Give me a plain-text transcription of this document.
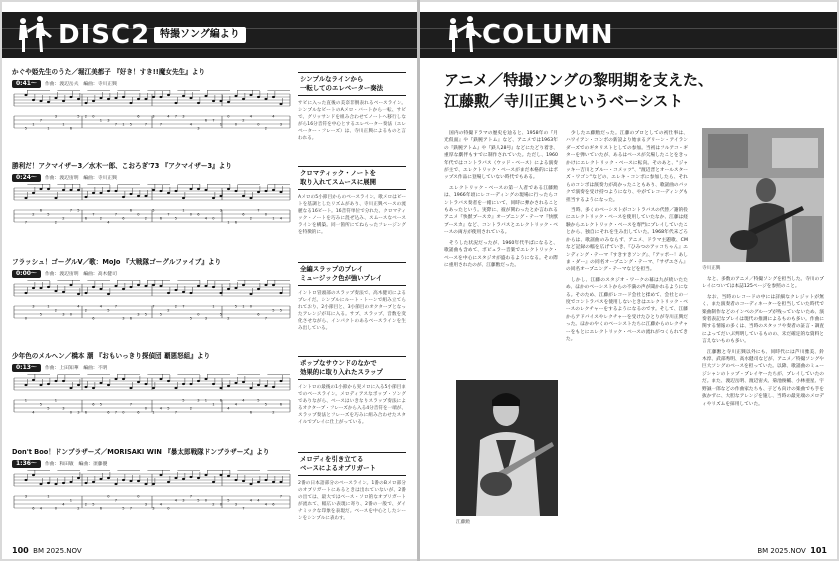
DISC2 特撮ソング編より
かぐや姫先生のうた／堀江美都子 『好き！すき!!魔女先生』より
0:41〜	作曲：渡辺岳夫　編曲：寺川正興
5
1
7
1
3
1
6
5 2 0
1 3
7 1 5
6
7
3
7
4 7 3
4
3
6 7
1
0
0
2
4
0
2
4
3
シンプルなラインから
一転してのエレベーター奏法
サビに入った直後の美奈非倒表れるベースライン。シンプルなビートのAメロ・バートから一転、サビで、グリッサンドを組み合わせてノートへ移行しながら16分音符を中心とするエレベーター奏法（エレベーター・フレーズ）は、寺川正興によるものと言われる。
勝利だ！アクマイザー3／水木一郎、こおろぎ'73 『アクマイザー3』より
0:24〜	作曲：渡辺宙明　編曲：寺川正興
7
2
6
5
2
2
7 5
6
7
2
4
7
6
6
0
2
5
6
7
5
1
0 6
4 0
3
1 6
6
2
7
0
1 4
クロマティック・ノートを
取り入れてスムースに展開
Aメロの5小節目からのベースライン。歌メロはビートを基調としたリズムがあり、寺川正興ペースの流麗なる16ビート。16音符単位で分れた、クロマティック・ノートを巧みに混ぜ込み、スムースなベースラインを構築。同一箇所にてねらったフレージングを特徴的に。
フラッシュ！ゴーグルV／歌：MoJo 『大戦隊ゴーグルファイブ』より
0:00〜	作曲：渡辺宙明　編曲：高木健司
0
3
5
1
2
3 0
4
2
6
4
5
7
3 6
3 5
7
5
2
2 7
5
0
3
1
5
2
5 1 0
6
7
5 5
全編スラップのプレイ
ミュージック色が強いプレイ
イントロ冒頭部のスラップ奏法で、高木健司によるプレイだ。シンプルにルート・トーンで組み立てられており、2小節目と、3小節目のオクターブとなったアレンジが耳に入る。サブ、スラップ、音数を変化させながら、インパクトのあるベースラインを生み出している。
少年色のメルヘン／橋本 潮 『おもいっきり探偵団 覇悪怒組』より
0:13〜	作曲：上田知華　編曲：不明
1
4
5
5
1
3
0 3 6
6 5
6 7 0
7
6
0
1
4 5
7
5
2
3 1
1
6
4
4
4
6
5
5
2
6
ポップなサウンドのなかで
効果的に取り入れたスラップ
イントロの最後の1小節から実メロに入る5小節目までのベースライン。メロディアスなポップ・ソングでありながら、ベースはいきなりスラップ奏法によるオクターブ・フレーズから入る4分音符を一端が、スラップ奏法とフレーズを巧みに組み合わせたスタイルでプレイに仕上がっている。
Don't Boo！ドンプラザーズ／MORISAKI WIN 『暴太郎戦隊ドンブラザーズ』より
1:36〜	作曲：和田敏　編曲：須藤優
3
6 4
1
0
4
1
2
2 5
6
0
7
5 7
0
3
3
4
0
4 3
7
5 0
2 0
5
3
7
4 4
4 6
7
メロディを引き立てる
ベースによるオブリガート
2番の日本語部分のベースライン。1番のBメロ部分のオブリガートにあるときは出れていないが、2番の出ては、最大ではベース・ソロ的なオブリガートが流れて、幅広い表現に寄り、2番の一般で、ダイナミックな印象を表現だ。ベースを中心としたシーンをシンプルに表わす。
100 BM 2025.NOV
COLUMN
アニメ／特撮ソングの黎明期を支えた、
江藤勲／寺川正興というベーシスト

国内の特撮ドラマの歴史を辿ると、1958年の『月光仮面』や『鉄腕アトム』など、アニメでは1963年の『鉄腕アトム』や『鉄人28号』などにたどり着き、重厚な劇伴もすでに制作されていた。ただし、1960年代ではコントラバス（ウッド・ベース）による演奏が主で、エレクトリック・ベースがまだ本格的にはポップス作品に登場していない時代でもある。

エレクトリック・ベースの第一人者である江藤勲は、1966年頃にレコーディングの現場に行ったらコントラバス奏者を一緒にいて、同時に弾かされることもあったという。実際に、彼が関わったとか言われるアニメ『快獣ブースカ』オープニング・テーマ『快獣ブースカ』など、コントラバスとエレクトリック・ベースの両方が使用されている。

そうした状況だったが、1960年代半ばになると、歌謡曲も含めて、ポピュラー音楽でエレクトリック・ベースを中心にスタジオが盛わるようになる。その際に重用されたのが、江藤勲だった。

江藤勲

少したエ藤勲だった。江藤のプロとしての初仕事は、ハワイアン・コンボの新設より始まるグリーン・アイランダーズでのギタリストとしての参加。当初はフルアコ・ギターを弾いていたが、あるはベースが欠場したことをきっかけにエレクトリック・ベースに転向。そのあと、"ジャッキー吉川とブルー・コメッツ"、"渡辺晋とオールスターズ・ワゴン"などの、エレキ・コンボに参加したら、それらのコンボは演奏力が高かったこともあり、歌謡曲のバックで演奏を受け持つようになり、やがてレコーディングも担当するようになった。

当時、多くのベーシストがコントラバスの代替／謝的役にエレクトリック・ベースを使用していたなか、江藤は経験からエレクトリック・ベースを専門にプレイしていたことから、独自にそれを生み出していた。1968年代末ごろからは、歌謡曲のみならず、アニメ、ドラマ主題歌、CMなど記録の幅を広げていき、『ひみつのアッコちゃん』エンディング・テーマ『すきすきソング』、『アッポー！あしま・ダー』の同名オープニング・テーマ、『サザエさん』の同名オープニング・テーマなどを担当。

しかし、江藤のスタジオ・ワークの幕は九が続いたため、ほかのベーシストからの不満の声が聞かれるようになる。そのため、江藤がレコード会社と揉めて、会社との一度でコントラバスを使用しないときはエレクトリック・ベースのレクチャーをするようになるのです。そして、江藤からアドバイスやレクチャーを受けたひとりが寺川正興だった。ほかのやくのベーシストたちに江藤からのレクチャーをもとにエレクトリック・ベースの流れがつくられてきた。

寺川正興

なと、多数のアニメ／特撮ソングを担当した。寺川のプレイについては本誌125ページを参照のこと。

なお、当時のレコードの中には詳細なクレジットが無く、また演奏者のコーディネーターを担当していた時代で楽曲制作などのインベのグループが残っていないため、演奏者表記なプレイは現代の推測によるものも多い。作曲に関する情報の多くは、当時のスタッフや奏者の証言・調査によってだいぶ判明しているものの、未だ確定的な資料と言えないものも多い。

江藤勲と寺川正興以外にも、同時代には芦川雅美、鈴木淳、武部秀明、高水健司などが、アニメ／特撮ソングや巨大ソングのベースを担っていた。以降、歌謡曲のミュージシャンのトップ・プレイヤーたちが、プレイしていたのだ。また、渡辺岳明、渡辺宙夫、菊池俊輔、小林亜星、宇野誠一郎などの作曲家たちも、子ども向けの楽曲でも手を抜かずに、大胆なアレンジを施し、当時の最先端のメロディやリズムを採用していた。

BM 2025.NOV 101
